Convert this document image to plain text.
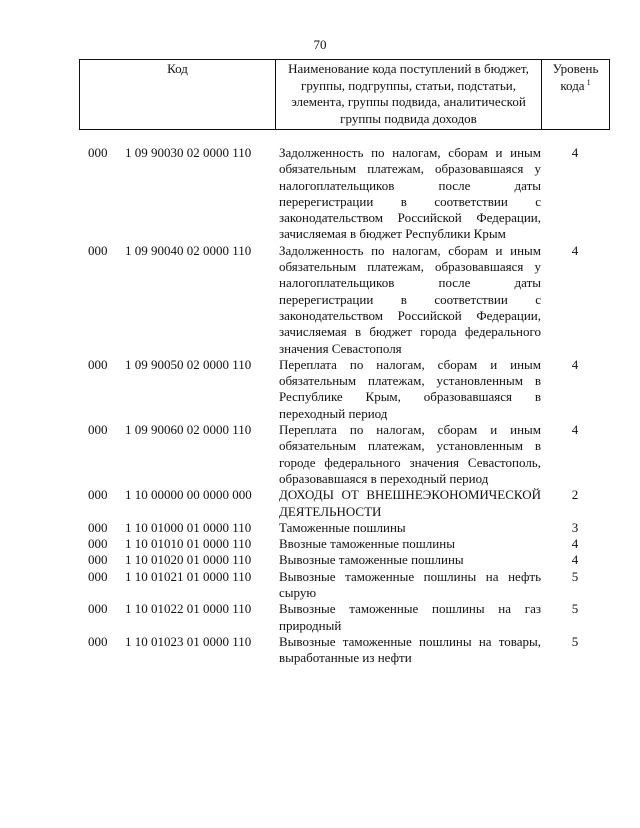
70
Код	Наименование кода поступлений в бюджет, группы, подгруппы, статьи, подстатьи, элемента, группы подвида, аналитической группы подвида доходов	Уровень кода $^1$
000	1 09 90030 02 0000 110	Задолженность по налогам, сборам и иным обязательным платежам, образовавшаяся у налогоплательщиков после даты перерегистрации в соответствии с законодательством Российской Федерации, зачисляемая в бюджет Республики Крым	4
000	1 09 90040 02 0000 110	Задолженность по налогам, сборам и иным обязательным платежам, образовавшаяся у налогоплательщиков после даты перерегистрации в соответствии с законодательством Российской Федерации, зачисляемая в бюджет города федерального значения Севастополя	4
000	1 09 90050 02 0000 110	Переплата по налогам, сборам и иным обязательным платежам, установленным в Республике Крым, образовавшаяся в переходный период	4
000	1 09 90060 02 0000 110	Переплата по налогам, сборам и иным обязательным платежам, установленным в городе федерального значения Севастополь, образовавшаяся в переходный период	4
000	1 10 00000 00 0000 000	ДОХОДЫ ОТ ВНЕШНЕЭКОНОМИЧЕСКОЙ ДЕЯТЕЛЬНОСТИ	2
000	1 10 01000 01 0000 110	Таможенные пошлины	3
000	1 10 01010 01 0000 110	Ввозные таможенные пошлины	4
000	1 10 01020 01 0000 110	Вывозные таможенные пошлины	4
000	1 10 01021 01 0000 110	Вывозные таможенные пошлины на нефть сырую	5
000	1 10 01022 01 0000 110	Вывозные таможенные пошлины на газ природный	5
000	1 10 01023 01 0000 110	Вывозные таможенные пошлины на товары, выработанные из нефти	5
